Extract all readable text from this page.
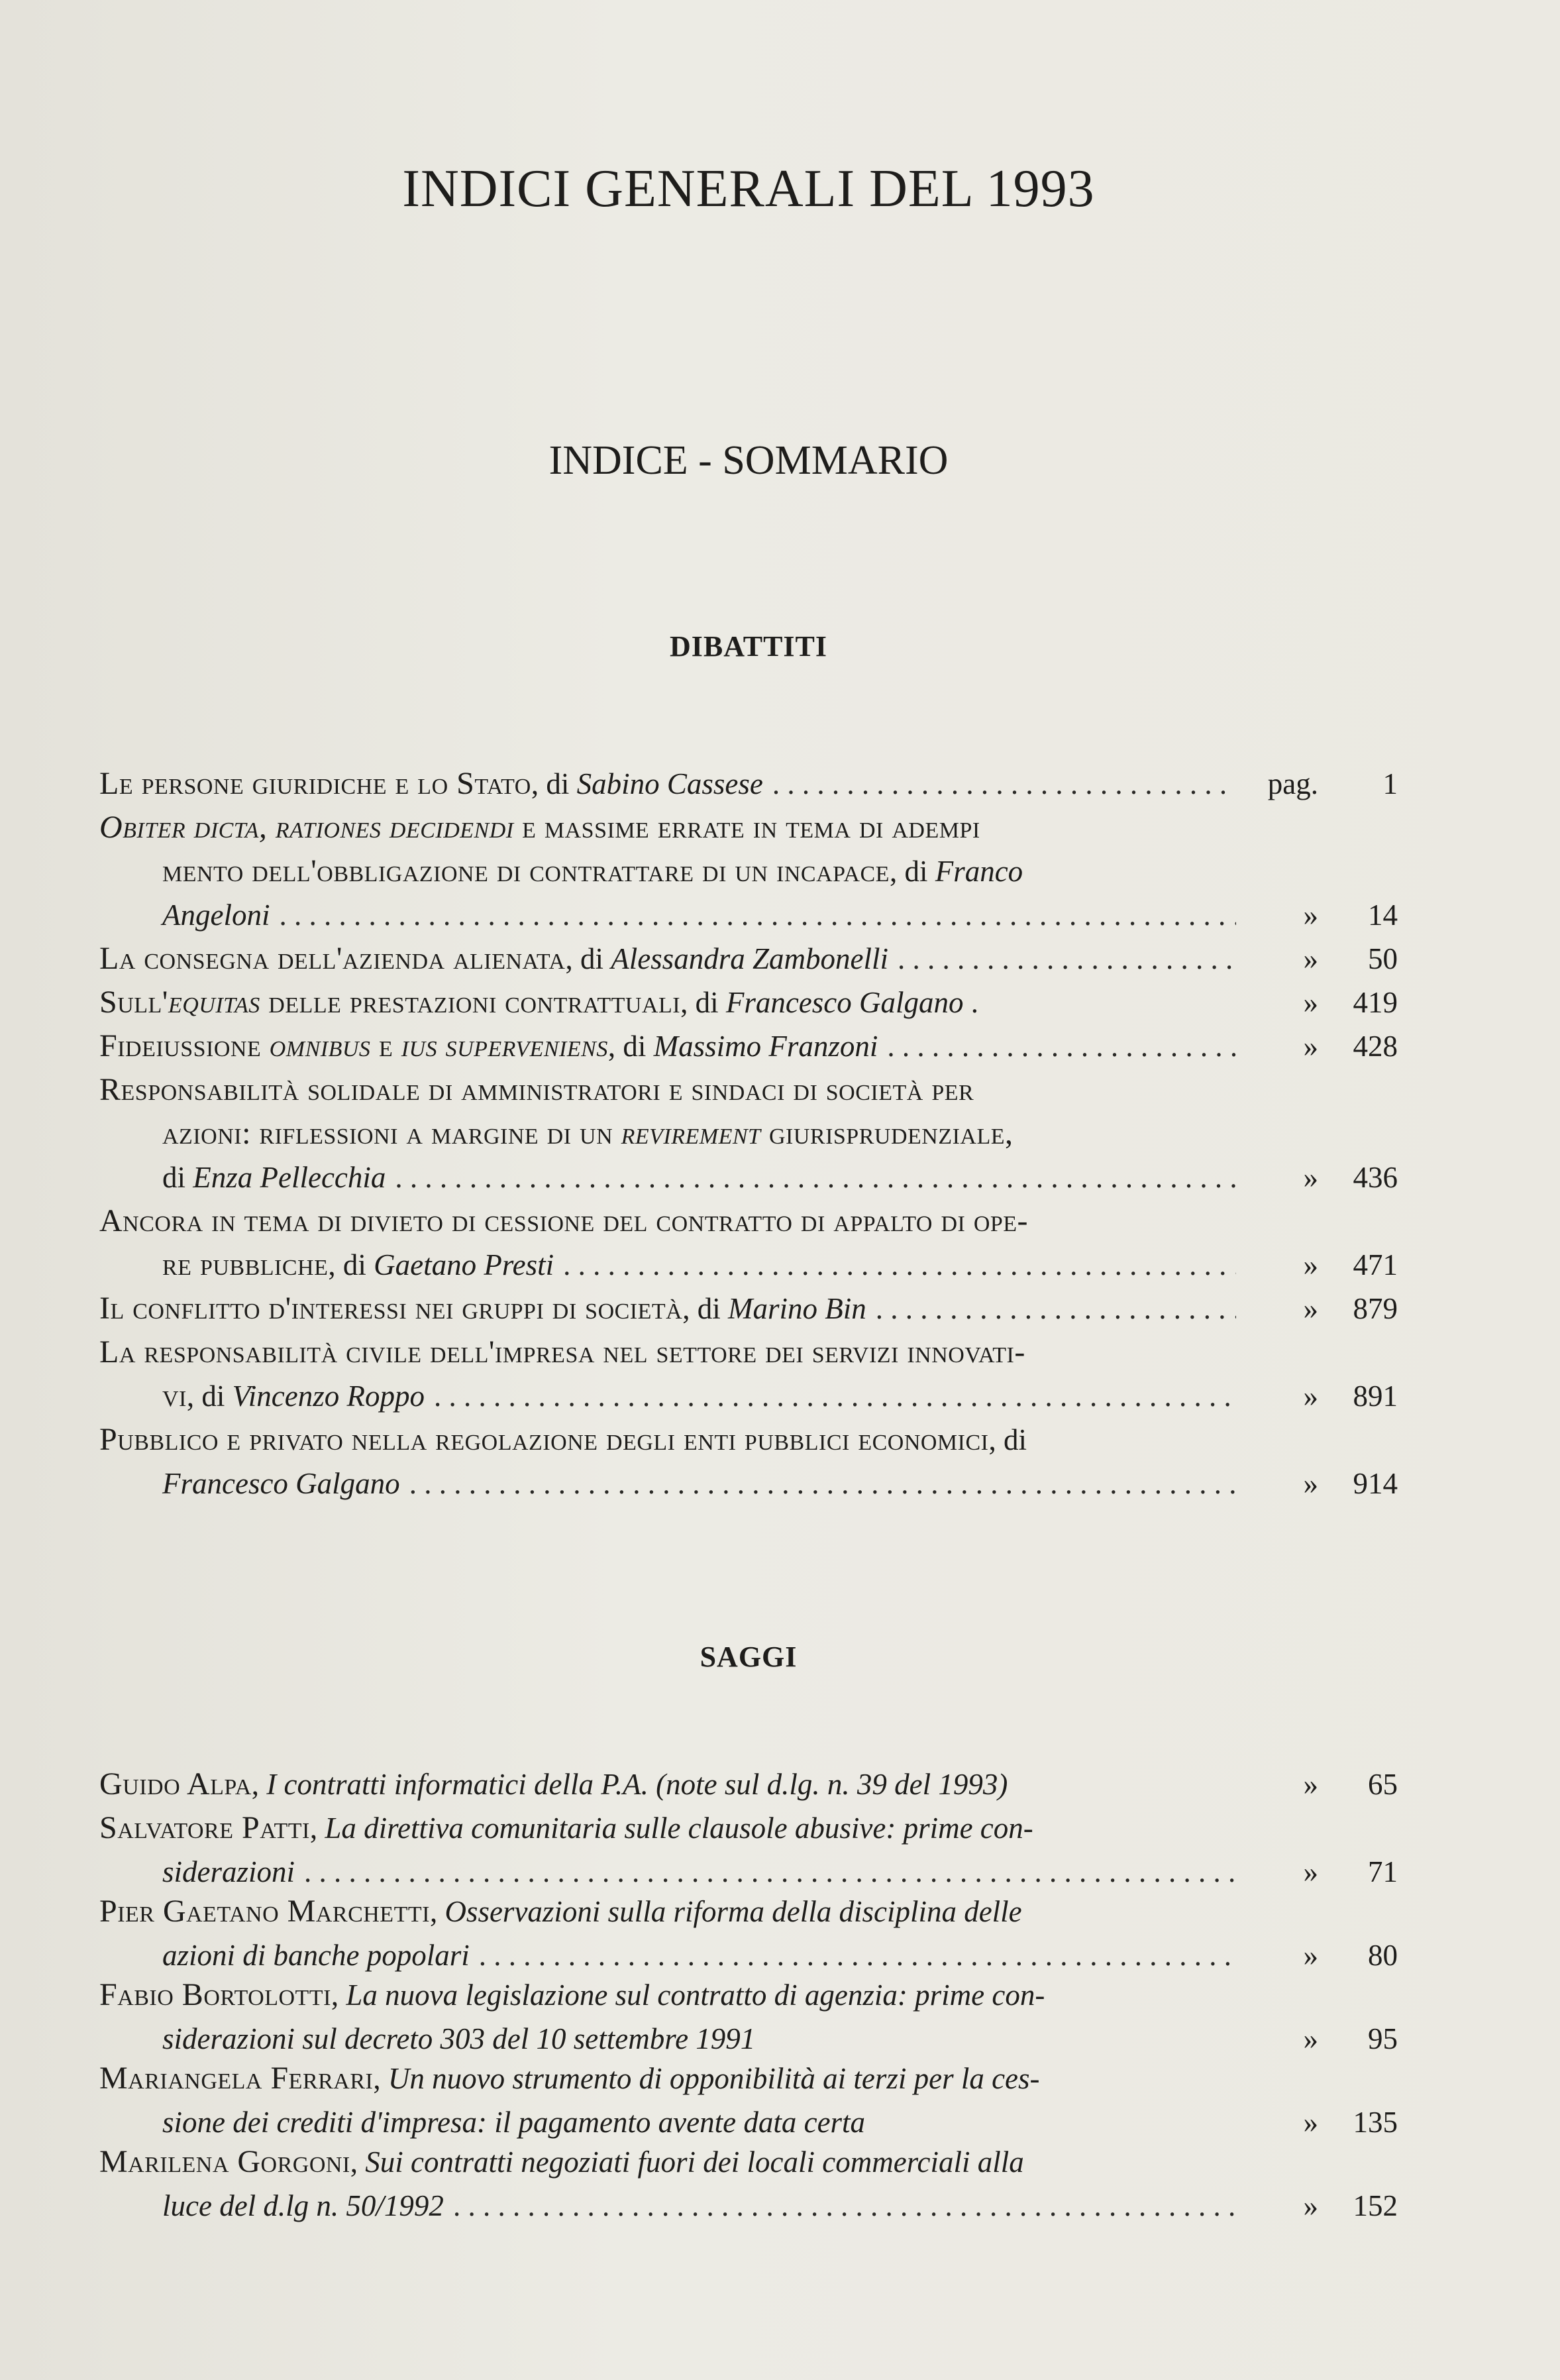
INDICI GENERALI DEL 1993
INDICE - SOMMARIO
DIBATTITI
Le persone giuridiche e lo Stato, di Sabino Cassese . . .	pag.	1
Obiter dicta, rationes decidendi e massime errate in tema di adempi
mento dell'obbligazione di contrattare di un incapace, di Franco
Angeloni . . .	»	14
La consegna dell'azienda alienata, di Alessandra Zambonelli . . .	»	50
Sull'equitas delle prestazioni contrattuali, di Francesco Galgano .	»	419
Fideiussione omnibus e ius superveniens, di Massimo Franzoni . . .	»	428
Responsabilità solidale di amministratori e sindaci di società per
azioni: riflessioni a margine di un revirement giurisprudenziale,
di Enza Pellecchia . . .	»	436
Ancora in tema di divieto di cessione del contratto di appalto di ope-
re pubbliche, di Gaetano Presti . . .	»	471
Il conflitto d'interessi nei gruppi di società, di Marino Bin . . .	»	879
La responsabilità civile dell'impresa nel settore dei servizi innovati-
vi, di Vincenzo Roppo . . .	»	891
Pubblico e privato nella regolazione degli enti pubblici economici, di
Francesco Galgano . . .	»	914
SAGGI
Guido Alpa, I contratti informatici della P.A. (note sul d.lg. n. 39 del 1993)	»	65
Salvatore Patti, La direttiva comunitaria sulle clausole abusive: prime con-
siderazioni . . .	»	71
Pier Gaetano Marchetti, Osservazioni sulla riforma della disciplina delle
azioni di banche popolari . . .	»	80
Fabio Bortolotti, La nuova legislazione sul contratto di agenzia: prime con-
siderazioni sul decreto 303 del 10 settembre 1991	»	95
Mariangela Ferrari, Un nuovo strumento di opponibilità ai terzi per la ces-
sione dei crediti d'impresa: il pagamento avente data certa	»	135
Marilena Gorgoni, Sui contratti negoziati fuori dei locali commerciali alla
luce del d.lg n. 50/1992 . . .	»	152
